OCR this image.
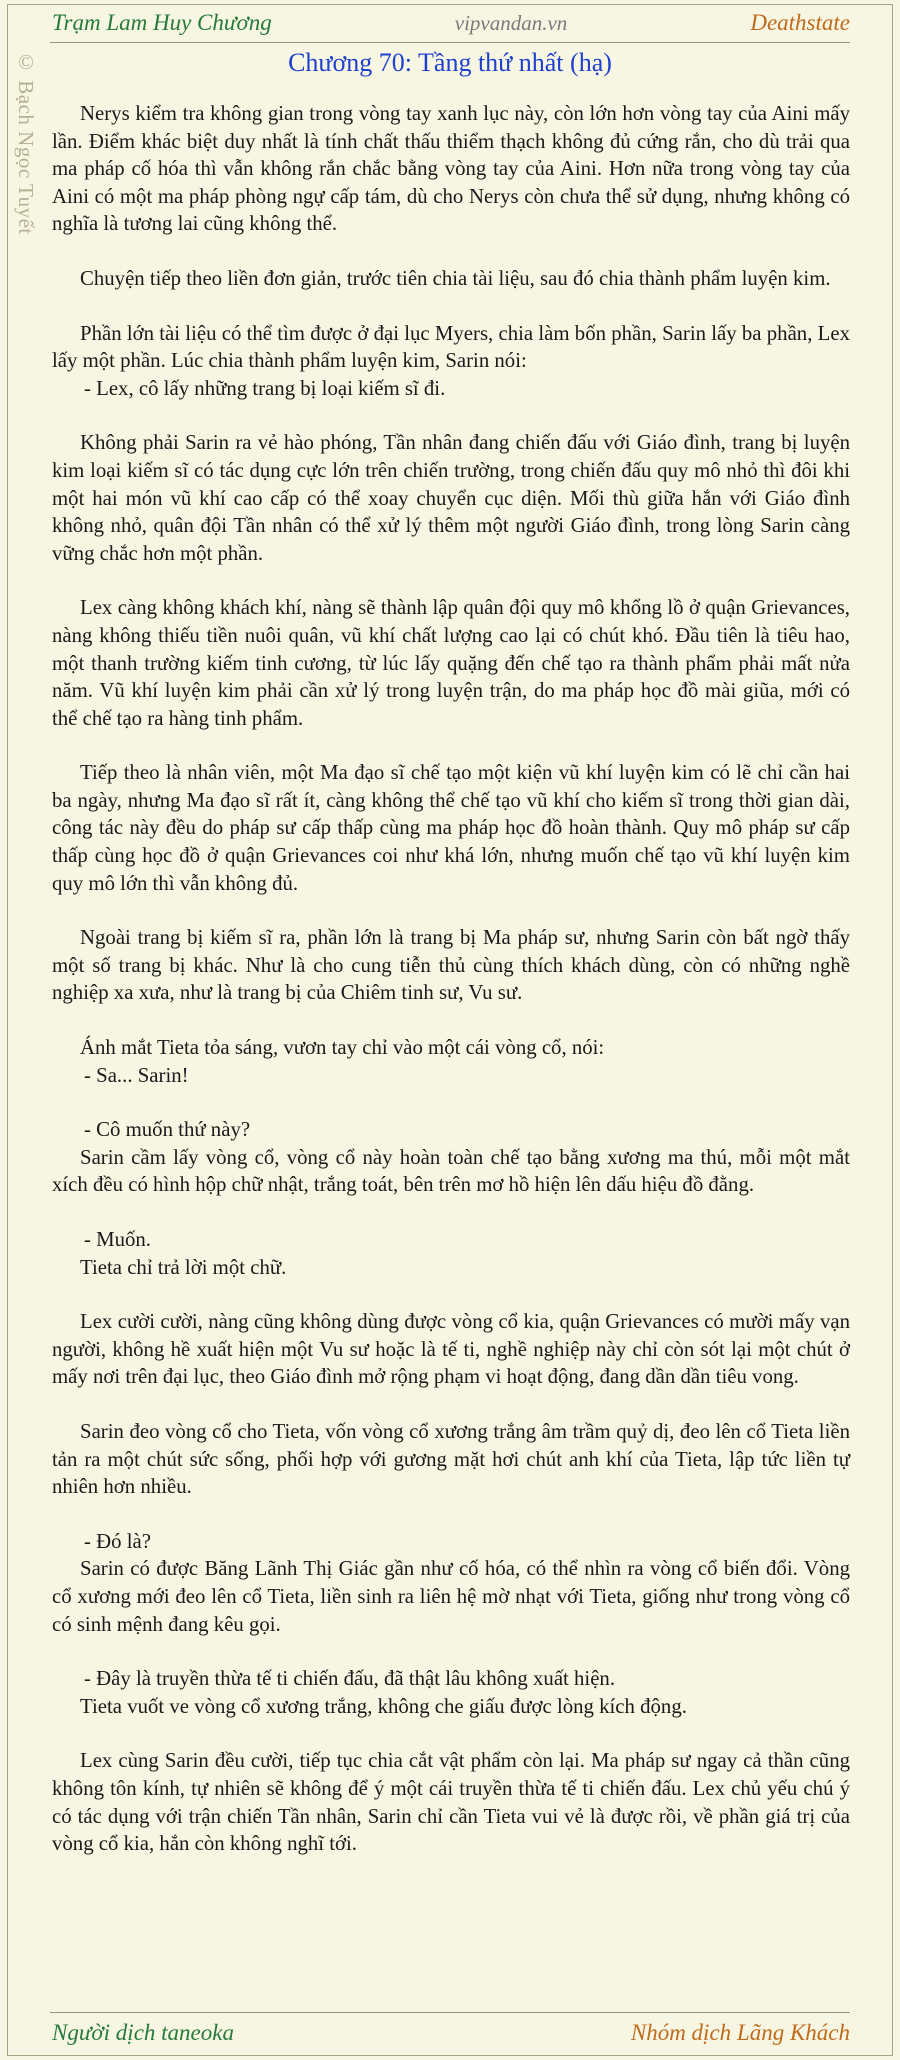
© Bạch Ngọc Tuyết
Trạm Lam Huy Chương	vipvandan.vn	Deathstate
Chương 70: Tầng thứ nhất (hạ)

Nerys kiểm tra không gian trong vòng tay xanh lục này, còn lớn hơn vòng tay của Aini mấy lần. Điểm khác biệt duy nhất là tính chất thấu thiểm thạch không đủ cứng rắn, cho dù trải qua ma pháp cố hóa thì vẫn không rắn chắc bằng vòng tay của Aini. Hơn nữa trong vòng tay của Aini có một ma pháp phòng ngự cấp tám, dù cho Nerys còn chưa thể sử dụng, nhưng không có nghĩa là tương lai cũng không thể.

Chuyện tiếp theo liền đơn giản, trước tiên chia tài liệu, sau đó chia thành phẩm luyện kim.

Phần lớn tài liệu có thể tìm được ở đại lục Myers, chia làm bốn phần, Sarin lấy ba phần, Lex lấy một phần. Lúc chia thành phẩm luyện kim, Sarin nói:

- Lex, cô lấy những trang bị loại kiếm sĩ đi.

Không phải Sarin ra vẻ hào phóng, Tần nhân đang chiến đấu với Giáo đình, trang bị luyện kim loại kiếm sĩ có tác dụng cực lớn trên chiến trường, trong chiến đấu quy mô nhỏ thì đôi khi một hai món vũ khí cao cấp có thể xoay chuyển cục diện. Mối thù giữa hắn với Giáo đình không nhỏ, quân đội Tần nhân có thể xử lý thêm một người Giáo đình, trong lòng Sarin càng vững chắc hơn một phần.

Lex càng không khách khí, nàng sẽ thành lập quân đội quy mô khổng lồ ở quận Grievances, nàng không thiếu tiền nuôi quân, vũ khí chất lượng cao lại có chút khó. Đầu tiên là tiêu hao, một thanh trường kiếm tinh cương, từ lúc lấy quặng đến chế tạo ra thành phẩm phải mất nửa năm. Vũ khí luyện kim phải cần xử lý trong luyện trận, do ma pháp học đồ mài giũa, mới có thể chế tạo ra hàng tinh phẩm.

Tiếp theo là nhân viên, một Ma đạo sĩ chế tạo một kiện vũ khí luyện kim có lẽ chỉ cần hai ba ngày, nhưng Ma đạo sĩ rất ít, càng không thể chế tạo vũ khí cho kiếm sĩ trong thời gian dài, công tác này đều do pháp sư cấp thấp cùng ma pháp học đồ hoàn thành. Quy mô pháp sư cấp thấp cùng học đồ ở quận Grievances coi như khá lớn, nhưng muốn chế tạo vũ khí luyện kim quy mô lớn thì vẫn không đủ.

Ngoài trang bị kiếm sĩ ra, phần lớn là trang bị Ma pháp sư, nhưng Sarin còn bất ngờ thấy một số trang bị khác. Như là cho cung tiễn thủ cùng thích khách dùng, còn có những nghề nghiệp xa xưa, như là trang bị của Chiêm tinh sư, Vu sư.

Ánh mắt Tieta tỏa sáng, vươn tay chỉ vào một cái vòng cổ, nói:

- Sa... Sarin!

- Cô muốn thứ này?

Sarin cầm lấy vòng cổ, vòng cổ này hoàn toàn chế tạo bằng xương ma thú, mỗi một mắt xích đều có hình hộp chữ nhật, trắng toát, bên trên mơ hồ hiện lên dấu hiệu đồ đằng.

- Muốn.

Tieta chỉ trả lời một chữ.

Lex cười cười, nàng cũng không dùng được vòng cổ kia, quận Grievances có mười mấy vạn người, không hề xuất hiện một Vu sư hoặc là tế ti, nghề nghiệp này chỉ còn sót lại một chút ở mấy nơi trên đại lục, theo Giáo đình mở rộng phạm vi hoạt động, đang dần dần tiêu vong.

Sarin đeo vòng cổ cho Tieta, vốn vòng cổ xương trắng âm trầm quỷ dị, đeo lên cổ Tieta liền tản ra một chút sức sống, phối hợp với gương mặt hơi chút anh khí của Tieta, lập tức liền tự nhiên hơn nhiều.

- Đó là?

Sarin có được Băng Lãnh Thị Giác gần như cố hóa, có thể nhìn ra vòng cổ biến đổi. Vòng cổ xương mới đeo lên cổ Tieta, liền sinh ra liên hệ mờ nhạt với Tieta, giống như trong vòng cổ có sinh mệnh đang kêu gọi.

- Đây là truyền thừa tế ti chiến đấu, đã thật lâu không xuất hiện.

Tieta vuốt ve vòng cổ xương trắng, không che giấu được lòng kích động.

Lex cùng Sarin đều cười, tiếp tục chia cắt vật phẩm còn lại. Ma pháp sư ngay cả thần cũng không tôn kính, tự nhiên sẽ không để ý một cái truyền thừa tế ti chiến đấu. Lex chủ yếu chú ý có tác dụng với trận chiến Tần nhân, Sarin chỉ cần Tieta vui vẻ là được rồi, về phần giá trị của vòng cổ kia, hắn còn không nghĩ tới.

Người dịch taneoka	Nhóm dịch Lãng Khách
